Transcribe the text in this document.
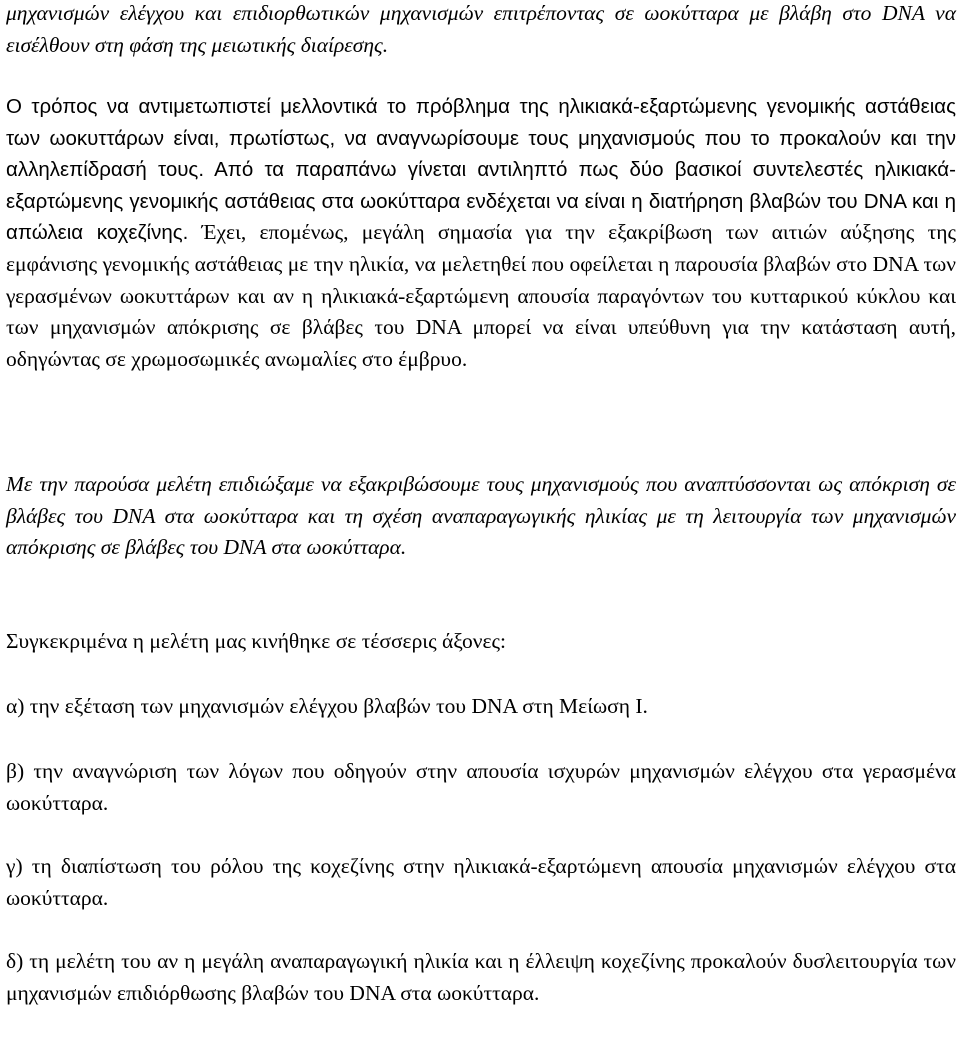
μηχανισμών ελέγχου και επιδιορθωτικών μηχανισμών επιτρέποντας σε ωοκύτταρα με βλάβη στο DNA να εισέλθουν στη φάση της μειωτικής διαίρεσης.

Ο τρόπος να αντιμετωπιστεί μελλοντικά το πρόβλημα της ηλικιακά-εξαρτώμενης γενομικής αστάθειας των ωοκυττάρων είναι, πρωτίστως, να αναγνωρίσουμε τους μηχανισμούς που το προκαλούν και την αλληλεπίδρασή τους. Από τα παραπάνω γίνεται αντιληπτό πως δύο βασικοί συντελεστές ηλικιακά-εξαρτώμενης γενομικής αστάθειας στα ωοκύτταρα ενδέχεται να είναι η διατήρηση βλαβών του DNA και η απώλεια κοχεζίνης. Έχει, επομένως, μεγάλη σημασία για την εξακρίβωση των αιτιών αύξησης της εμφάνισης γενομικής αστάθειας με την ηλικία, να μελετηθεί που οφείλεται η παρουσία βλαβών στο DNA των γερασμένων ωοκυττάρων και αν η ηλικιακά-εξαρτώμενη απουσία παραγόντων του κυτταρικού κύκλου και των μηχανισμών απόκρισης σε βλάβες του DNA μπορεί να είναι υπεύθυνη για την κατάσταση αυτή, οδηγώντας σε χρωμοσωμικές ανωμαλίες στο έμβρυο.

Με την παρούσα μελέτη επιδιώξαμε να εξακριβώσουμε τους μηχανισμούς που αναπτύσσονται ως απόκριση σε βλάβες του DNA στα ωοκύτταρα και τη σχέση αναπαραγωγικής ηλικίας με τη λειτουργία των μηχανισμών απόκρισης σε βλάβες του DNA στα ωοκύτταρα.

Συγκεκριμένα η μελέτη μας κινήθηκε σε τέσσερις άξονες:

α) την εξέταση των μηχανισμών ελέγχου βλαβών του DNA στη Μείωση Ι.

β) την αναγνώριση των λόγων που οδηγούν στην απουσία ισχυρών μηχανισμών ελέγχου στα γερασμένα ωοκύτταρα.

γ) τη διαπίστωση του ρόλου της κοχεζίνης στην ηλικιακά-εξαρτώμενη απουσία μηχανισμών ελέγχου στα ωοκύτταρα.

δ) τη μελέτη του αν η μεγάλη αναπαραγωγική ηλικία και η έλλειψη κοχεζίνης προκαλούν δυσλειτουργία των μηχανισμών επιδιόρθωσης βλαβών του DNA στα ωοκύτταρα.
